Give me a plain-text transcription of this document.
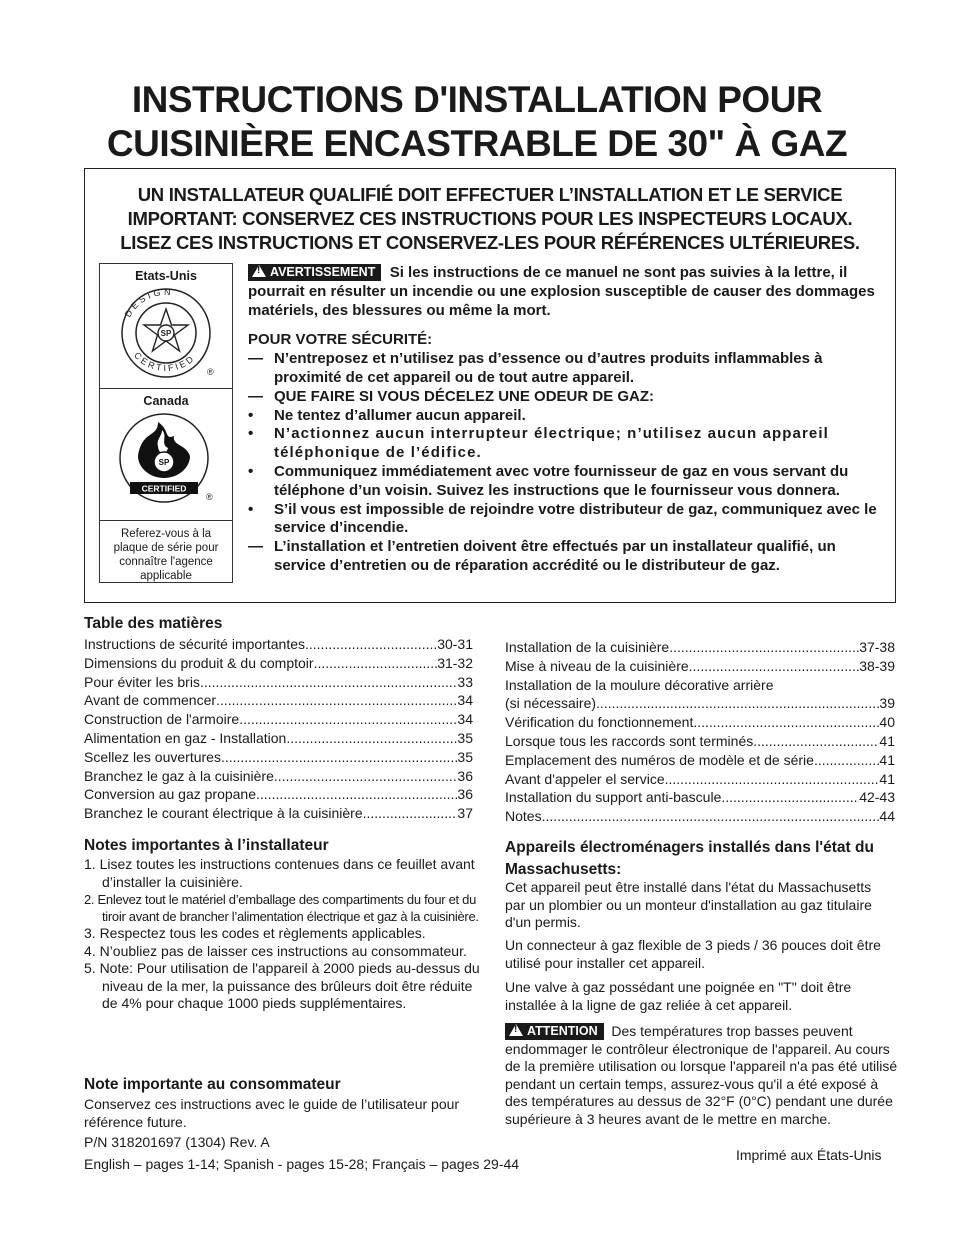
INSTRUCTIONS D'INSTALLATION POUR
CUISINIÈRE ENCASTRABLE DE 30" À GAZ
UN INSTALLATEUR QUALIFIÉ DOIT EFFECTUER L’INSTALLATION ET LE SERVICE
IMPORTANT: CONSERVEZ CES INSTRUCTIONS POUR LES INSPECTEURS LOCAUX.
LISEZ CES INSTRUCTIONS ET CONSERVEZ-LES POUR RÉFÉRENCES ULTÉRIEURES.
Etats-Unis
DESIGN
CERTIFIED
SP
®
Canada
SP
CERTIFIED
®
Referez-vous à la plaque de série pour connaître l'agence applicable
!AVERTISSEMENT Si les instructions de ce manuel ne sont pas suivies à la lettre, il pourrait en résulter un incendie ou une explosion susceptible de causer des dommages matériels, des blessures ou même la mort.
POUR VOTRE SÉCURITÉ:
— N’entreposez et n’utilisez pas d’essence ou d’autres produits inflammables à proximité de cet appareil ou de tout autre appareil.
— QUE FAIRE SI VOUS DÉCELEZ UNE ODEUR DE GAZ:
• Ne tentez d’allumer aucun appareil.
• N’actionnez aucun interrupteur électrique; n’utilisez aucun appareil téléphonique de l’édifice.
• Communiquez immédiatement avec votre fournisseur de gaz en vous servant du téléphone d’un voisin. Suivez les instructions que le fournisseur vous donnera.
• S’il vous est impossible de rejoindre votre distributeur de gaz, communiquez avec le service d’incendie.
— L’installation et l’entretien doivent être effectués par un installateur qualifié, un service d’entretien ou de réparation accrédité ou le distributeur de gaz.
Table des matières
Instructions de sécurité importantes .....	30-31
Dimensions du produit & du comptoir .....	31-32
Pour éviter les bris .....	33
Avant de commencer .....	34
Construction de l'armoire .....	34
Alimentation en gaz - Installation .....	35
Scellez les ouvertures .....	35
Branchez le gaz à la cuisinière .....	36
Conversion au gaz propane .....	36
Branchez le courant électrique à la cuisinière .....	37
Installation de la cuisinière .....	37-38
Mise à niveau de la cuisinière .....	38-39
Installation de la moulure décorative arrière
(si nécessaire) .....	39
Vérification du fonctionnement .....	40
Lorsque tous les raccords sont terminés .....	41
Emplacement des numéros de modèle et de série .....	41
Avant d'appeler el service .....	41
Installation du support anti-bascule .....	42-43
Notes .....	44
Notes importantes à l’installateur
1. Lisez toutes les instructions contenues dans ce feuillet avant d’installer la cuisinière.
2. Enlevez tout le matériel d’emballage des compartiments du four et du tiroir avant de brancher l’alimentation électrique et gaz à la cuisinière.
3. Respectez tous les codes et règlements applicables.
4. N’oubliez pas de laisser ces instructions au consommateur.
5. Note: Pour utilisation de l'appareil à 2000 pieds au-dessus du niveau de la mer, la puissance des brûleurs doit être réduite de 4% pour chaque 1000 pieds supplémentaires.
Note importante au consommateur
Conservez ces instructions avec le guide de l’utilisateur pour référence future.
P/N 318201697 (1304) Rev. A
English – pages 1-14; Spanish - pages 15-28; Français – pages 29-44
Appareils électroménagers installés dans l'état du Massachusetts:
Cet appareil peut être installé dans l'état du Massachusetts par un plombier ou un monteur d'installation au gaz titulaire d'un permis.
Un connecteur à gaz flexible de 3 pieds / 36 pouces doit être utilisé pour installer cet appareil.
Une valve à gaz possédant une poignée en "T" doit être installée à la ligne de gaz reliée à cet appareil.
!ATTENTION Des températures trop basses peuvent endommager le contrôleur électronique de l'appareil. Au cours de la première utilisation ou lorsque l'appareil n'a pas été utilisé pendant un certain temps, assurez-vous qu'il a été exposé à des températures au dessus de 32°F (0°C) pendant une durée supérieure à 3 heures avant de le mettre en marche.
Imprimé aux États-Unis
